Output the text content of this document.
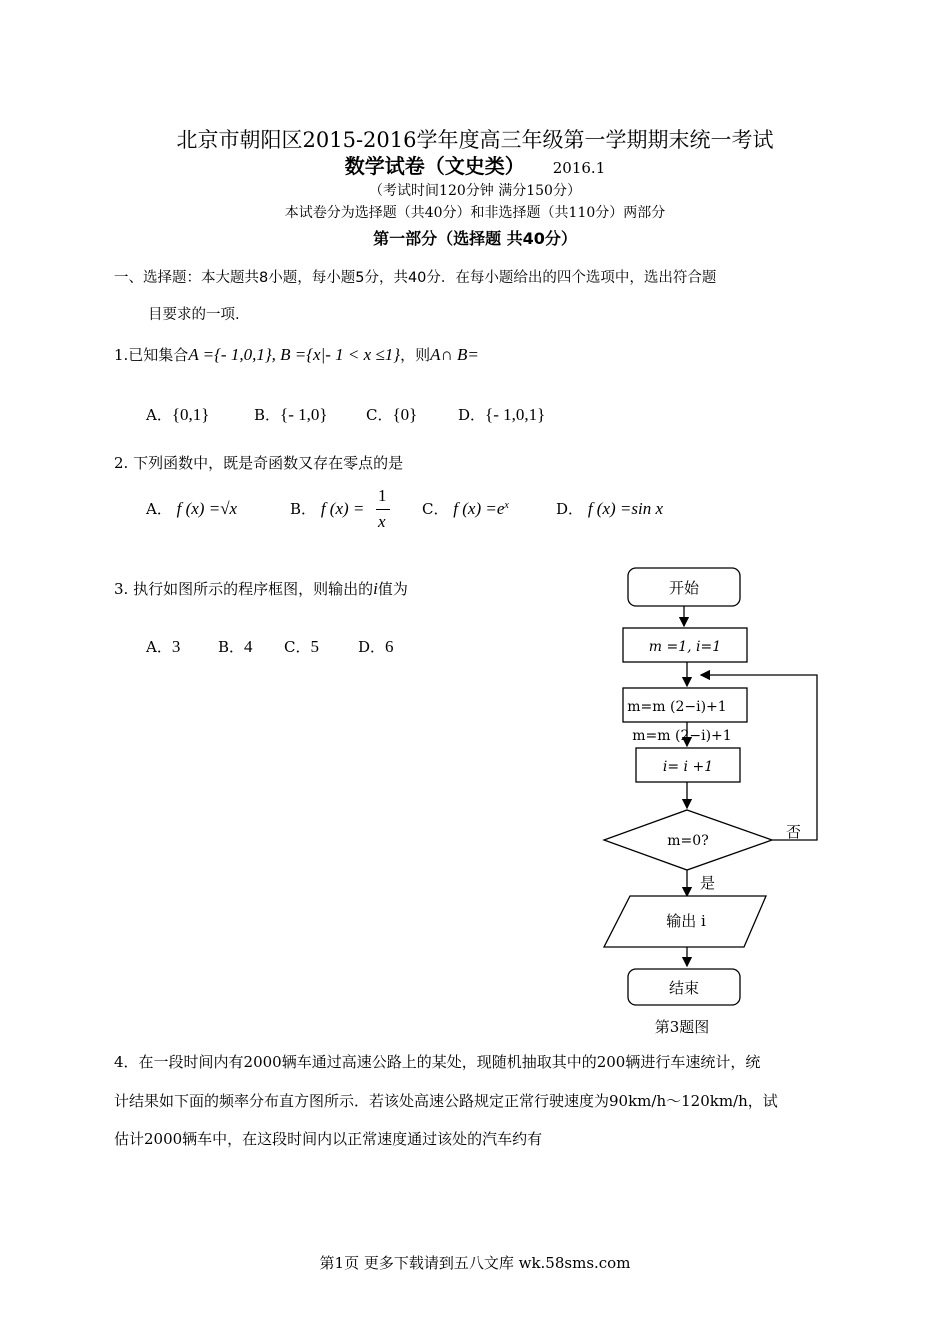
北京市朝阳区2015-2016学年度高三年级第一学期期末统一考试
数学试卷（文史类） 2016.1
（考试时间120分钟 满分150分）
本试卷分为选择题（共40分）和非选择题（共110分）两部分
第一部分（选择题 共40分）
一、选择题：本大题共8小题，每小题5分，共40分．在每小题给出的四个选项中，选出符合题
目要求的一项.
1.已知集合A ={- 1,0,1}, B ={x|- 1 < x ≤1}，则A∩ B=
A．{0,1}	B．{- 1,0}	C．{0}	D．{- 1,0,1}
2. 下列函数中，既是奇函数又存在零点的是
A． f (x) =√x	B． f (x) =
1
x
C． f $(x) =e^x$	D． f (x) =sin x
3. 执行如图所示的程序框图，则输出的i值为
A．3	B．4 C．5	D．6
开始
m =1, i=1
m=m (2−i)+1
m=m (2−i)+1
i= i +1
m=0?	否
是
输出 i
结束
第3题图
4．在一段时间内有2000辆车通过高速公路上的某处，现随机抽取其中的200辆进行车速统计，统
计结果如下面的频率分布直方图所示．若该处高速公路规定正常行驶速度为90km/h～120km/h，试
估计2000辆车中，在这段时间内以正常速度通过该处的汽车约有
第1页 更多下载请到五八文库 wk.58sms.com
